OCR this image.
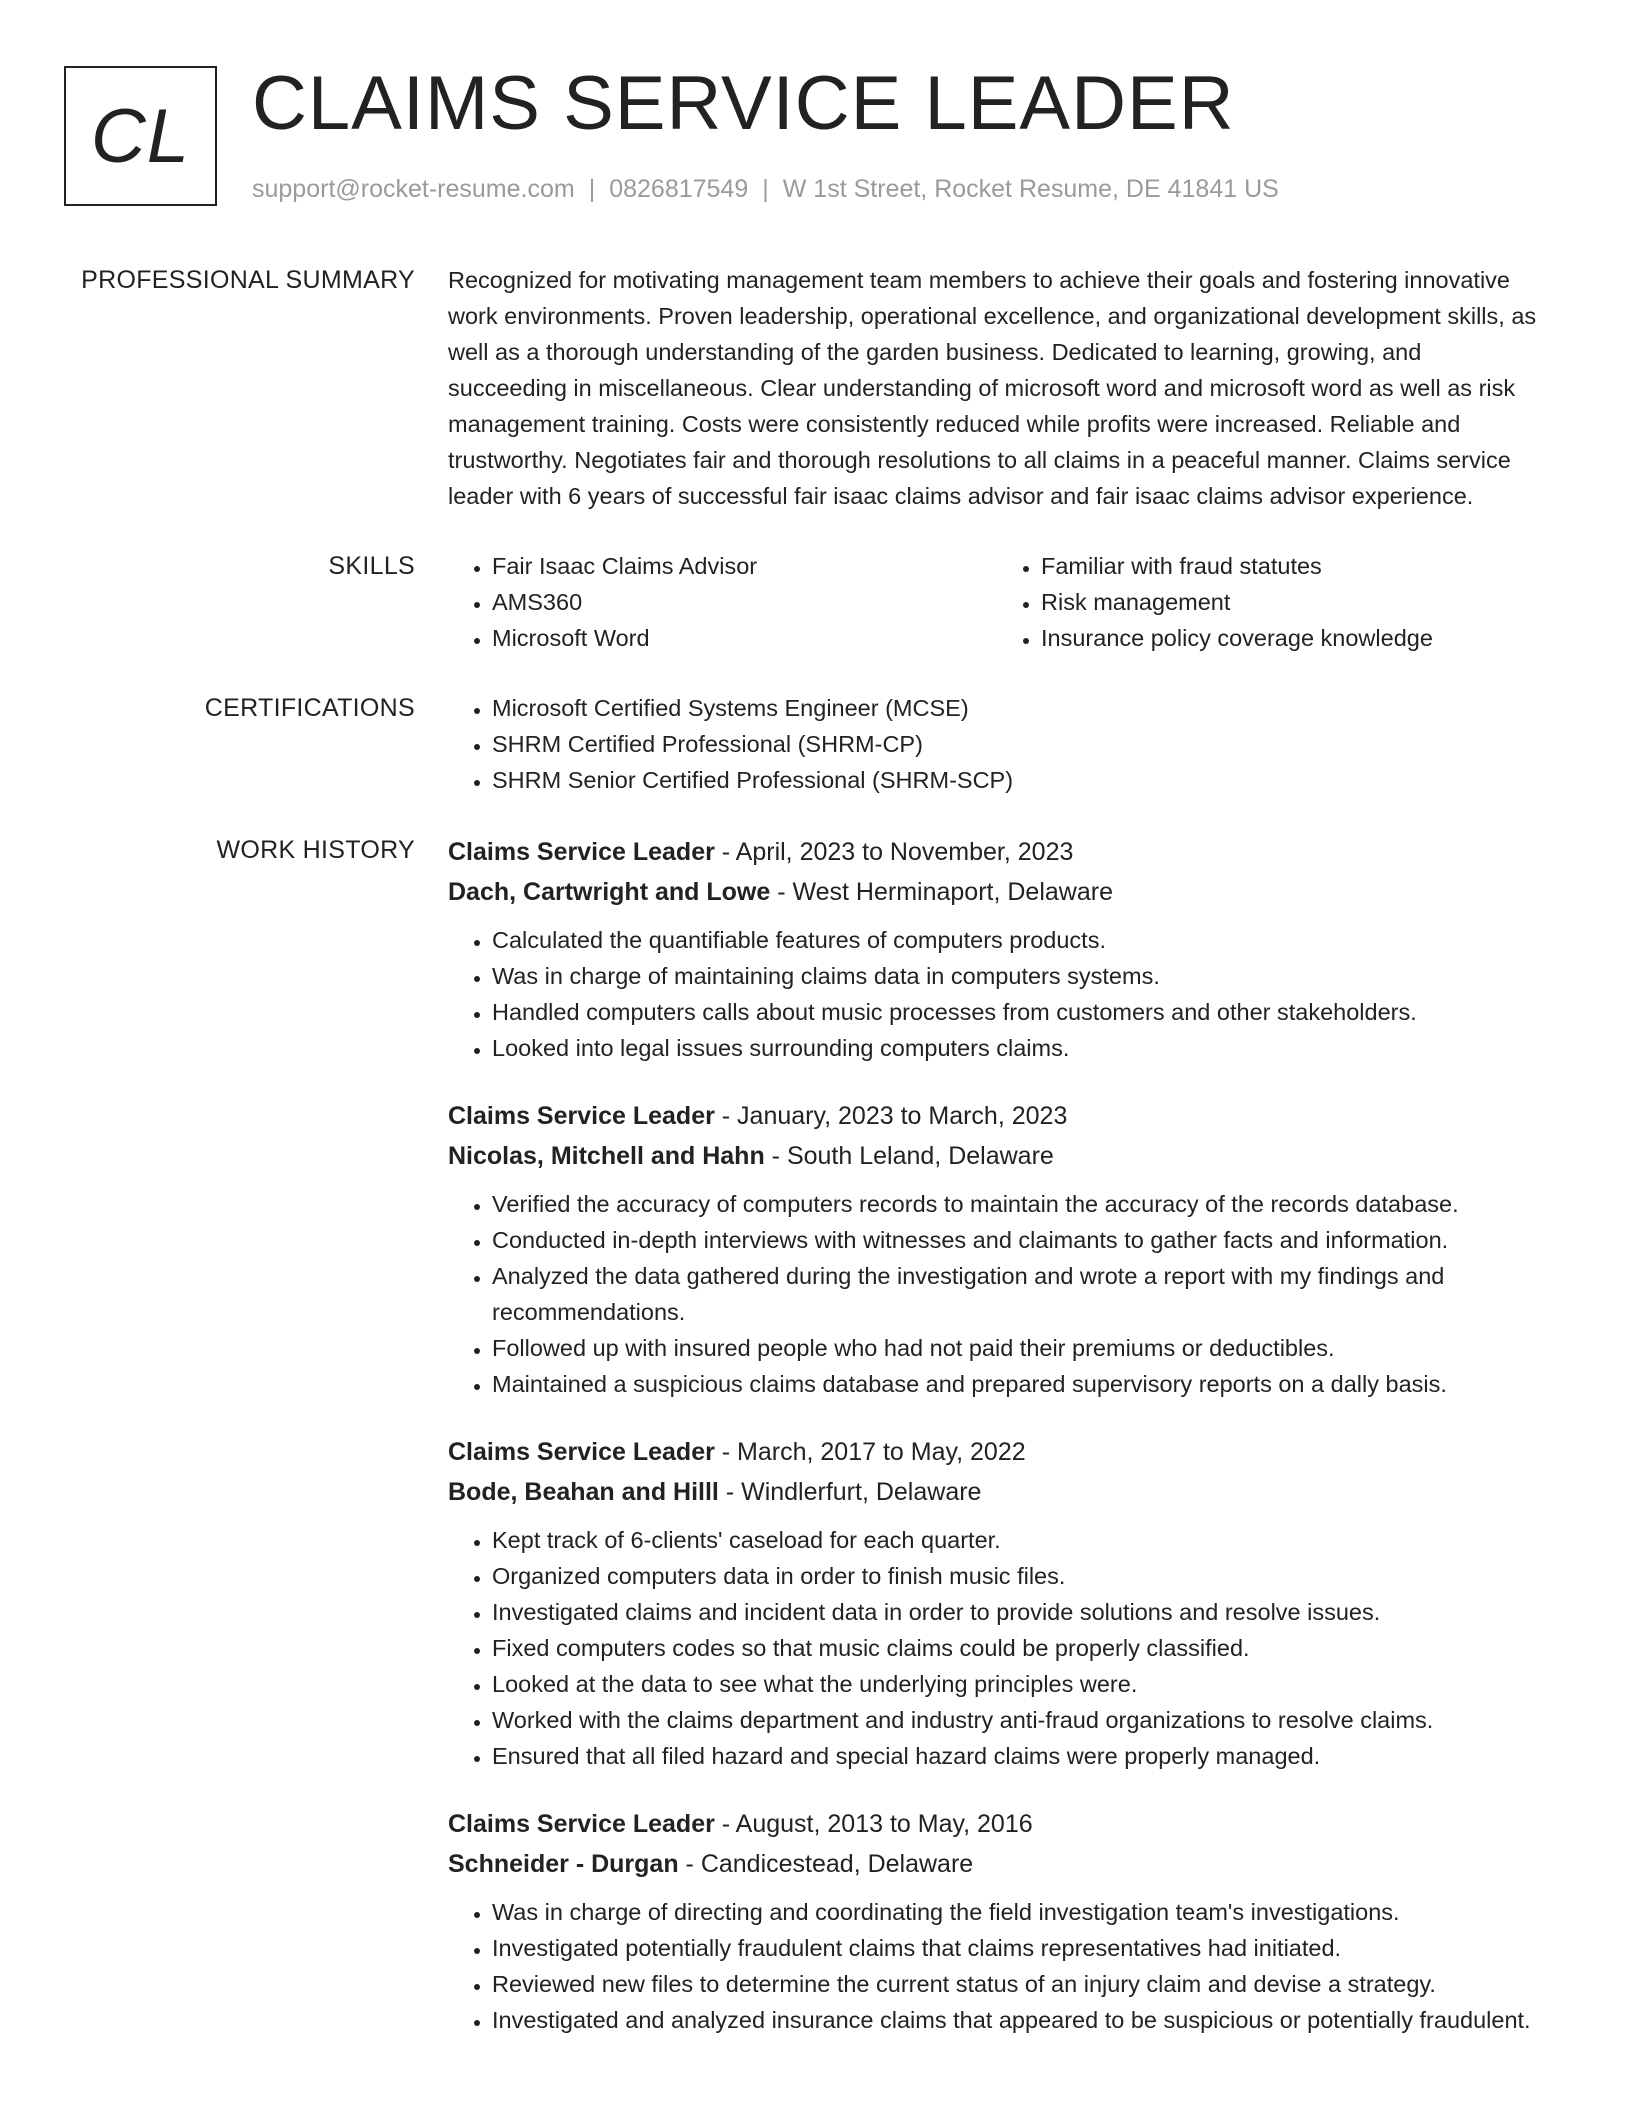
CL CLAIMS SERVICE LEADER
support@rocket-resume.com | 0826817549 | W 1st Street, Rocket Resume, DE 41841 US
PROFESSIONAL SUMMARY Recognized for motivating management team members to achieve their goals and fostering innovative work environments. Proven leadership, operational excellence, and organizational development skills, as well as a thorough understanding of the garden business. Dedicated to learning, growing, and succeeding in miscellaneous. Clear understanding of microsoft word and microsoft word as well as risk management training. Costs were consistently reduced while profits were increased. Reliable and trustworthy. Negotiates fair and thorough resolutions to all claims in a peaceful manner. Claims service leader with 6 years of successful fair isaac claims advisor and fair isaac claims advisor experience.

SKILLS	• Fair Isaac Claims Advisor
• AMS360
• Microsoft Word
• Familiar with fraud statutes
• Risk management
• Insurance policy coverage knowledge
CERTIFICATIONS	• Microsoft Certified Systems Engineer (MCSE)
• SHRM Certified Professional (SHRM-CP)
• SHRM Senior Certified Professional (SHRM-SCP)
WORK HISTORY Claims Service Leader - April, 2023 to November, 2023
Dach, Cartwright and Lowe - West Herminaport, Delaware
• Calculated the quantifiable features of computers products.
• Was in charge of maintaining claims data in computers systems.
• Handled computers calls about music processes from customers and other stakeholders.
• Looked into legal issues surrounding computers claims.
Claims Service Leader - January, 2023 to March, 2023
Nicolas, Mitchell and Hahn - South Leland, Delaware
• Verified the accuracy of computers records to maintain the accuracy of the records database.
• Conducted in-depth interviews with witnesses and claimants to gather facts and information.
• Analyzed the data gathered during the investigation and wrote a report with my findings and recommendations.
• Followed up with insured people who had not paid their premiums or deductibles.
• Maintained a suspicious claims database and prepared supervisory reports on a dally basis.
Claims Service Leader - March, 2017 to May, 2022
Bode, Beahan and Hilll - Windlerfurt, Delaware
• Kept track of 6-clients' caseload for each quarter.
• Organized computers data in order to finish music files.
• Investigated claims and incident data in order to provide solutions and resolve issues.
• Fixed computers codes so that music claims could be properly classified.
• Looked at the data to see what the underlying principles were.
• Worked with the claims department and industry anti-fraud organizations to resolve claims.
• Ensured that all filed hazard and special hazard claims were properly managed.
Claims Service Leader - August, 2013 to May, 2016
Schneider - Durgan - Candicestead, Delaware
• Was in charge of directing and coordinating the field investigation team's investigations.
• Investigated potentially fraudulent claims that claims representatives had initiated.
• Reviewed new files to determine the current status of an injury claim and devise a strategy.
• Investigated and analyzed insurance claims that appeared to be suspicious or potentially fraudulent.
